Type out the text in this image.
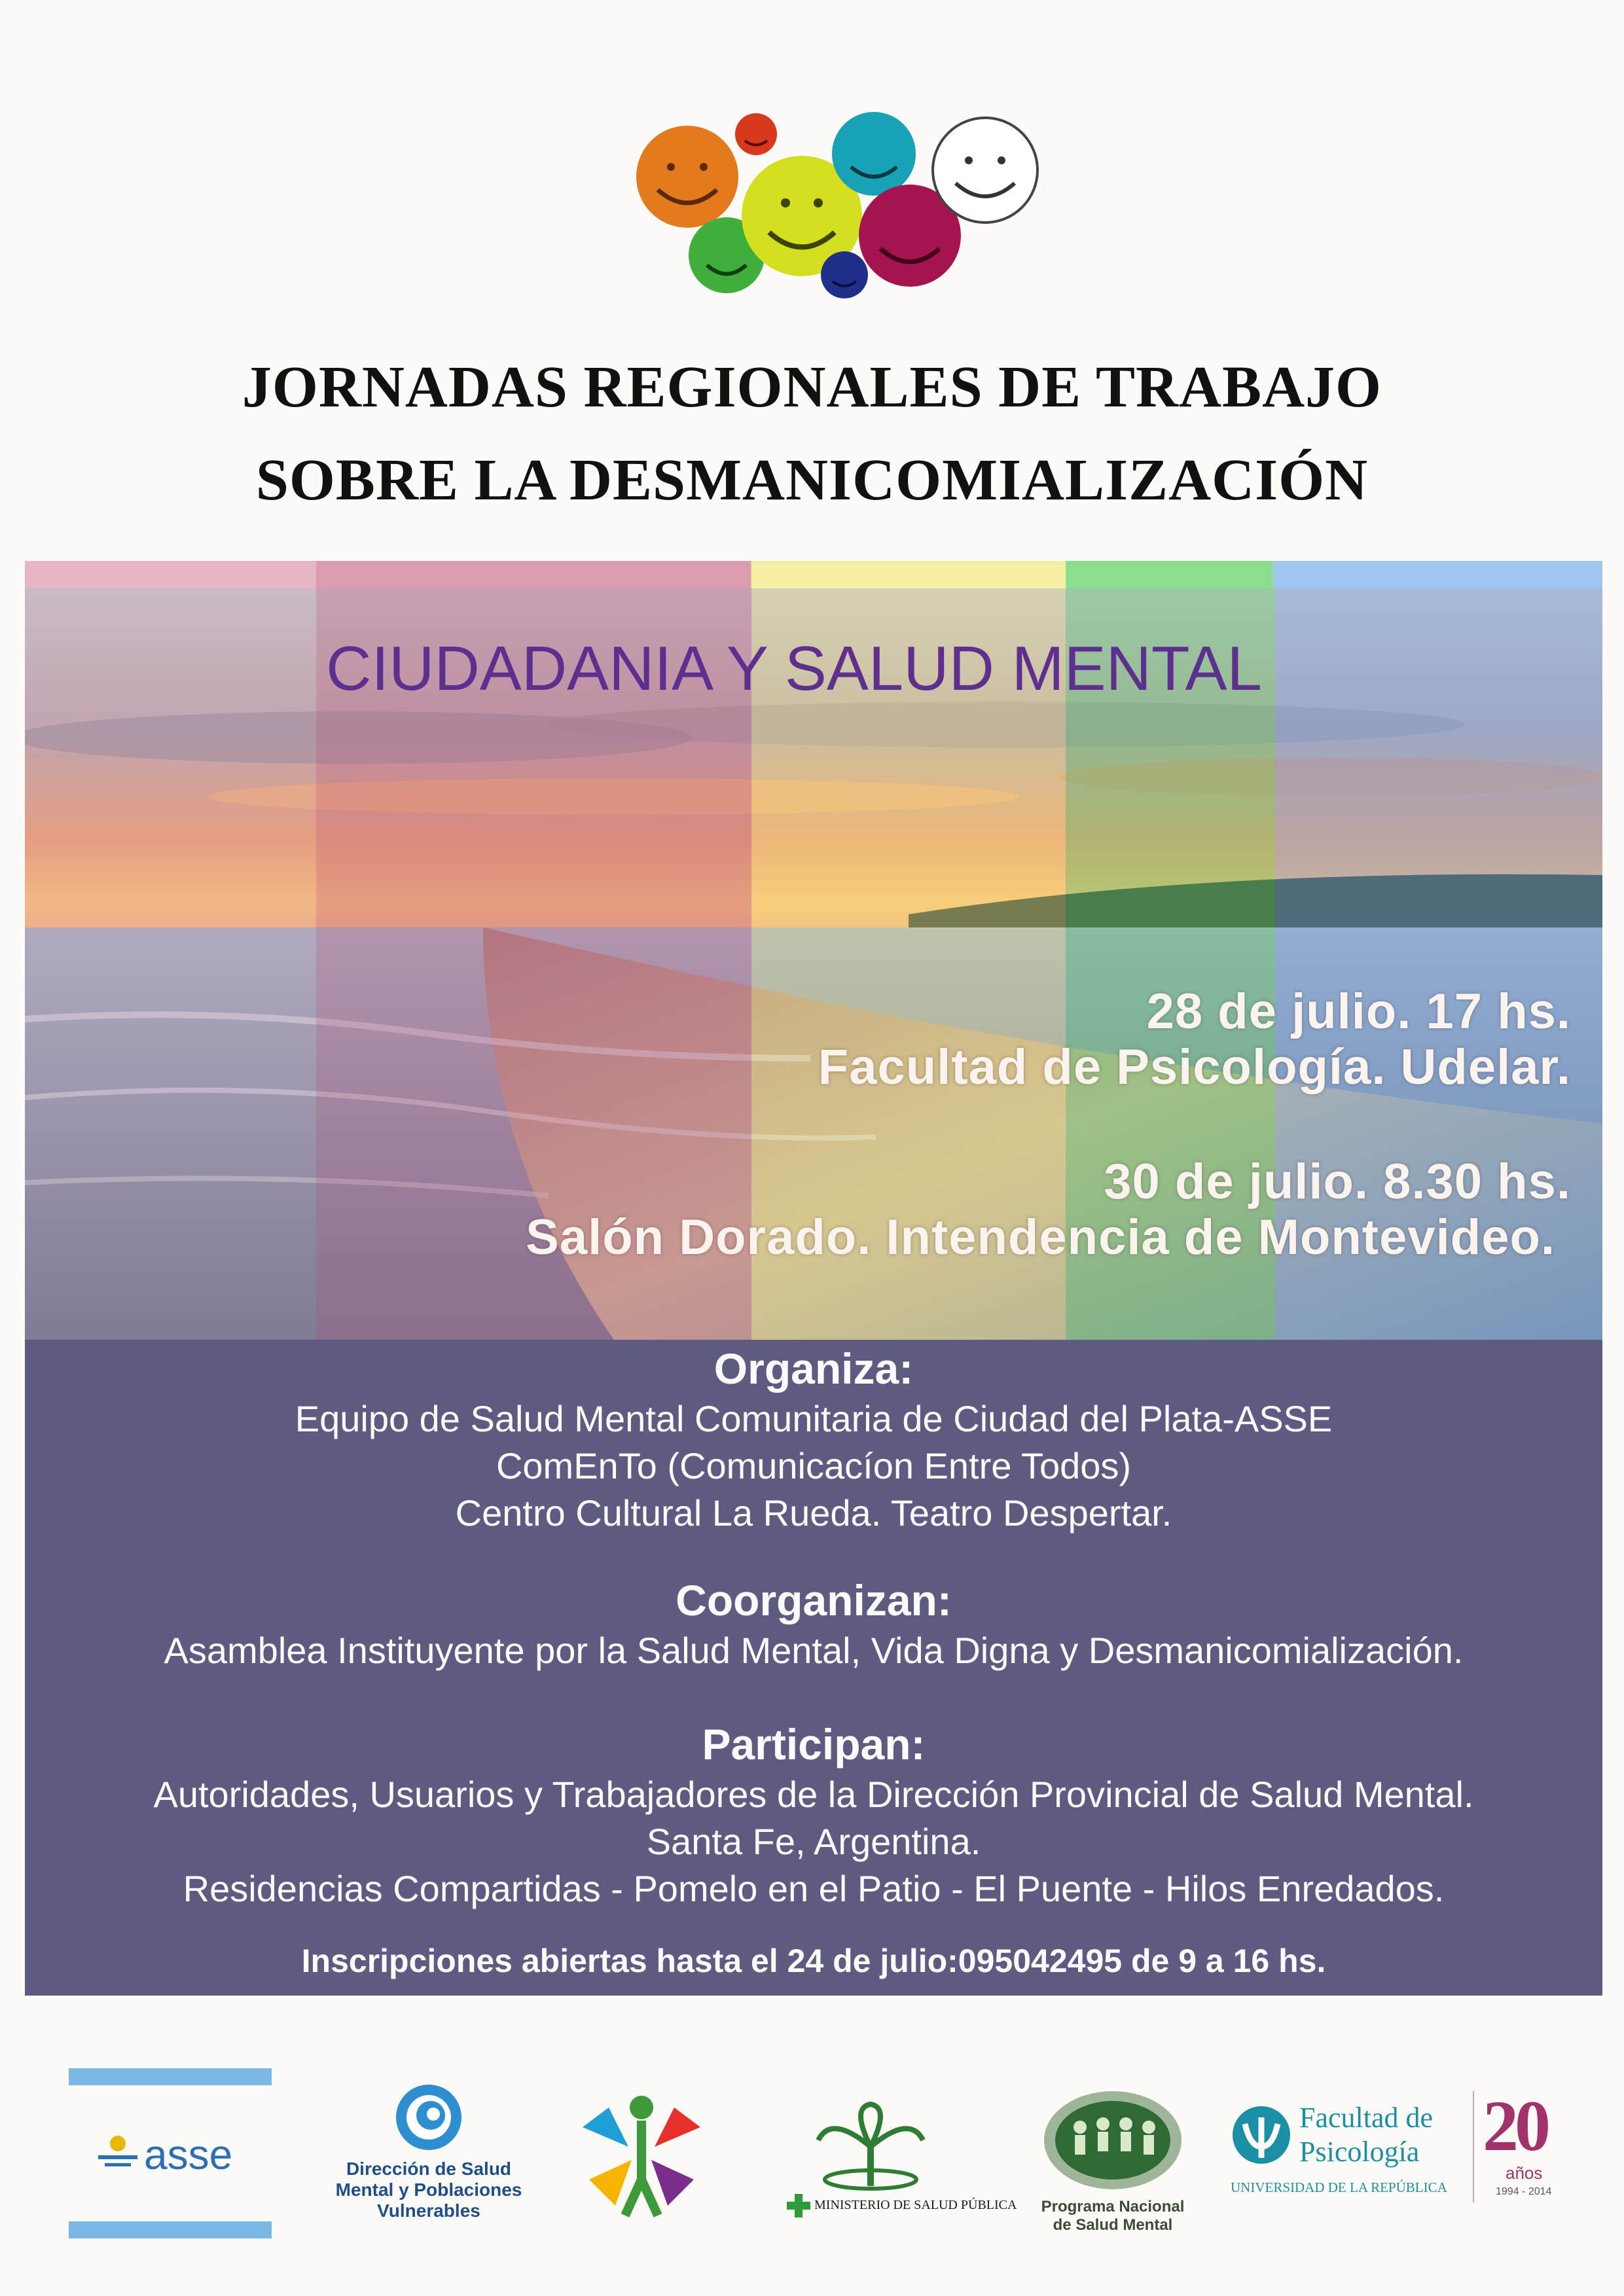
JORNADAS REGIONALES DE TRABAJO
SOBRE LA DESMANICOMIALIZACIÓN
CIUDADANIA Y SALUD MENTAL
28 de julio. 17 hs.
Facultad de Psicología. Udelar.
30 de julio. 8.30 hs.
Salón Dorado. Intendencia de Montevideo.
Organiza:
Equipo de Salud Mental Comunitaria de Ciudad del Plata-ASSE
ComEnTo (Comunicacíon Entre Todos)
Centro Cultural La Rueda. Teatro Despertar.
Coorganizan:
Asamblea Instituyente por la Salud Mental, Vida Digna y Desmanicomialización.
Participan:
Autoridades, Usuarios y Trabajadores de la Dirección Provincial de Salud Mental.
Santa Fe, Argentina.
Residencias Compartidas - Pomelo en el Patio - El Puente - Hilos Enredados.
Inscripciones abiertas hasta el 24 de julio:095042495 de 9 a 16 hs.
asse	Dirección de Salud
Mental y Poblaciones
Vulnerables	MINISTERIO DE SALUD PÚBLICA	Programa Nacional
de Salud Mental
Facultad de
Psicología
UNIVERSIDAD DE LA REPÚBLICA
20
años
1994 - 2014
